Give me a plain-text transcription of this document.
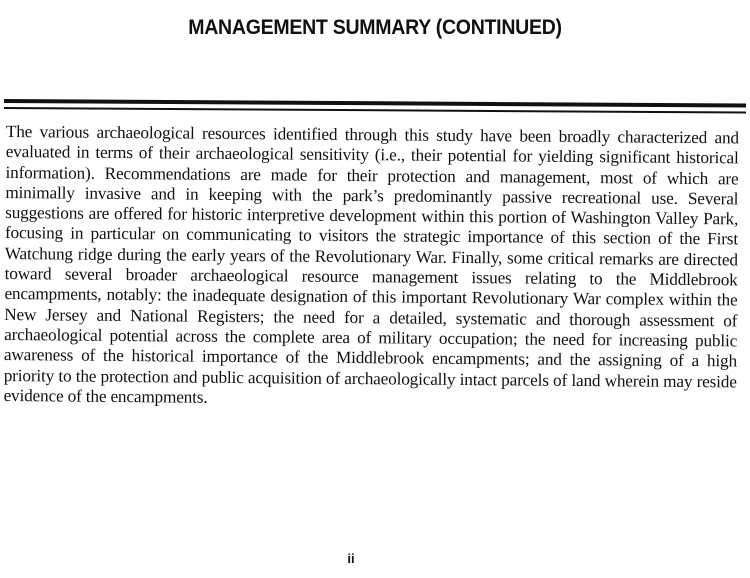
MANAGEMENT SUMMARY (CONTINUED)

The various archaeological resources identified through this study have been broadly characterized and evaluated in terms of their archaeological sensitivity (i.e., their potential for yielding significant historical information). Recommendations are made for their protection and management, most of which are minimally invasive and in keeping with the park’s predominantly passive recreational use. Several suggestions are offered for historic interpretive development within this portion of Washington Valley Park, focusing in particular on communicating to visitors the strategic importance of this section of the First Watchung ridge during the early years of the Revolutionary War. Finally, some critical remarks are directed toward several broader archaeological resource management issues relating to the Middlebrook encampments, notably: the inadequate designation of this important Revolutionary War complex within the New Jersey and National Registers; the need for a detailed, systematic and thorough assessment of archaeological potential across the complete area of military occupation; the need for increasing public awareness of the historical importance of the Middlebrook encampments; and the assigning of a high priority to the protection and public acquisition of archaeologically intact parcels of land wherein may reside evidence of the encampments.

ii
